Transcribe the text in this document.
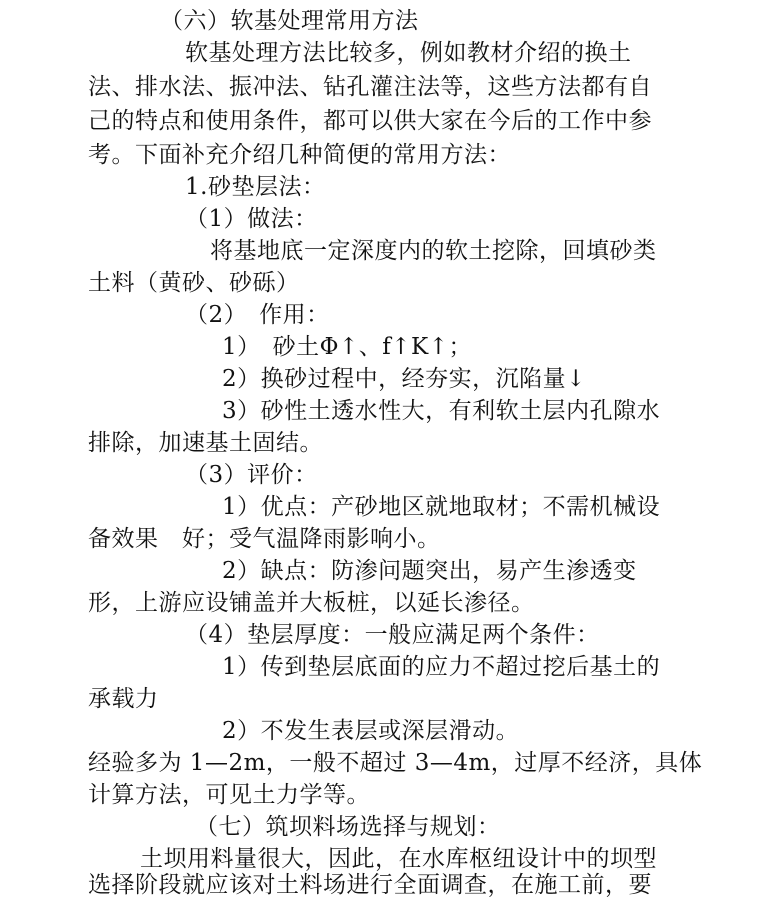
（六）软基处理常用方法
软基处理方法比较多，例如教材介绍的换土
法、排水法、振冲法、钻孔灌注法等，这些方法都有自
己的特点和使用条件，都可以供大家在今后的工作中参
考。下面补充介绍几种简便的常用方法：
1.砂垫层法：
（1）做法：
将基地底一定深度内的软土挖除，回填砂类
土料（黄砂、砂砾）
（2）　作用：
1）　砂土Φ↑、f↑K↑；
2）换砂过程中，经夯实，沉陷量↓
3）砂性土透水性大，有利软土层内孔隙水
排除，加速基土固结。
（3）评价：
1）优点：产砂地区就地取材；不需机械设
备效果　好；受气温降雨影响小。
2）缺点：防渗问题突出，易产生渗透变
形，上游应设铺盖并大板桩，以延长渗径。
（4）垫层厚度：一般应满足两个条件：
1）传到垫层底面的应力不超过挖后基土的
承载力
2）不发生表层或深层滑动。
经验多为 1—2m，一般不超过 3—4m，过厚不经济，具体
计算方法，可见土力学等。
（七）筑坝料场选择与规划：
土坝用料量很大，因此，在水库枢纽设计中的坝型
选择阶段就应该对土料场进行全面调查，在施工前，要
